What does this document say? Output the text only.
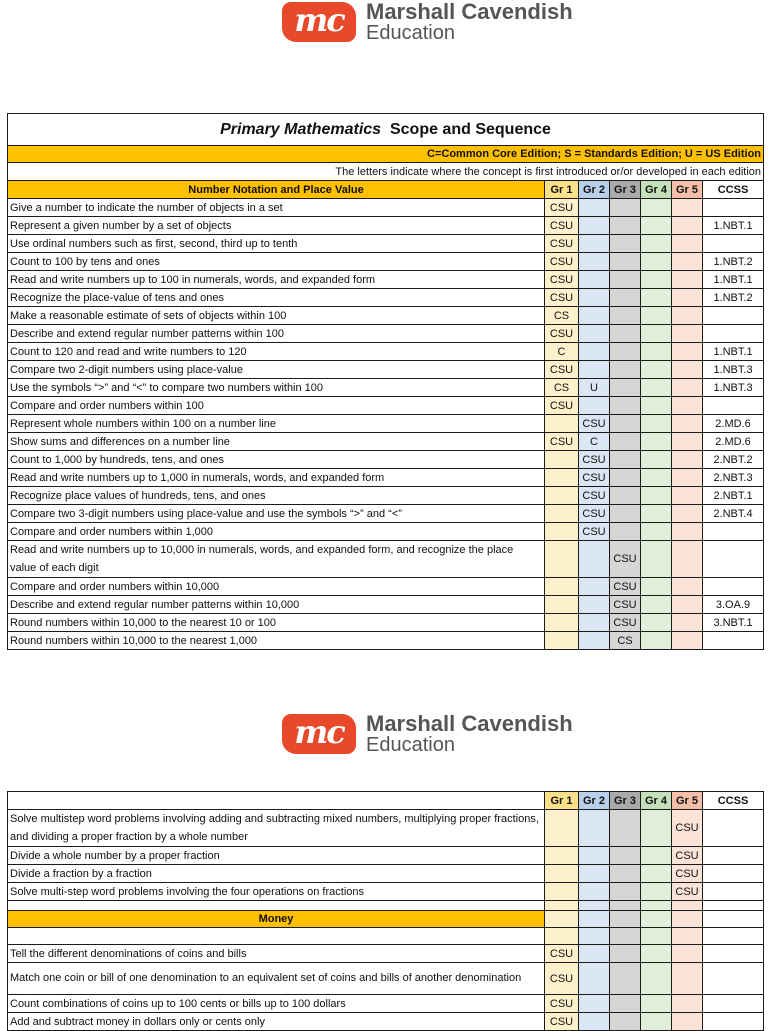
mc	Marshall Cavendish
Education
Primary Mathematics Scope and Sequence						
C=Common Core Edition; S = Standards Edition; U = US Edition						
The letters indicate where the concept is first introduced or/or developed in each edition						
Number Notation and Place Value	Gr 1	Gr 2	Gr 3	Gr 4	Gr 5	CCSS
Give a number to indicate the number of objects in a set	CSU					
Represent a given number by a set of objects	CSU					1.NBT.1
Use ordinal numbers such as first, second, third up to tenth	CSU					
Count to 100 by tens and ones	CSU					1.NBT.2
Read and write numbers up to 100 in numerals, words, and expanded form	CSU					1.NBT.1
Recognize the place-value of tens and ones	CSU					1.NBT.2
Make a reasonable estimate of sets of objects within 100	CS					
Describe and extend regular number patterns within 100	CSU					
Count to 120 and read and write numbers to 120	C					1.NBT.1
Compare two 2-digit numbers using place-value	CSU					1.NBT.3
Use the symbols “>” and “<” to compare two numbers within 100	CS	U				1.NBT.3
Compare and order numbers within 100	CSU					
Represent whole numbers within 100 on a number line		CSU				2.MD.6
Show sums and differences on a number line	CSU	C				2.MD.6
Count to 1,000 by hundreds, tens, and ones		CSU				2.NBT.2
Read and write numbers up to 1,000 in numerals, words, and expanded form		CSU				2.NBT.3
Recognize place values of hundreds, tens, and ones		CSU				2.NBT.1
Compare two 3-digit numbers using place-value and use the symbols “>” and “<”		CSU				2.NBT.4
Compare and order numbers within 1,000		CSU				
Read and write numbers up to 10,000 in numerals, words, and expanded form, and recognize the place value of each digit			CSU			
Compare and order numbers within 10,000			CSU			
Describe and extend regular number patterns within 10,000			CSU			3.OA.9
Round numbers within 10,000 to the nearest 10 or 100			CSU			3.NBT.1
Round numbers within 10,000 to the nearest 1,000			CS			
mc	Marshall Cavendish
Education
	Gr 1	Gr 2	Gr 3	Gr 4	Gr 5	CCSS
Solve multistep word problems involving adding and subtracting mixed numbers, multiplying proper fractions, and dividing a proper fraction by a whole number					CSU	
Divide a whole number by a proper fraction					CSU	
Divide a fraction by a fraction					CSU	
Solve multi-step word problems involving the four operations on fractions					CSU	

Money						

Tell the different denominations of coins and bills	CSU					
Match one coin or bill of one denomination to an equivalent set of coins and bills of another denomination	CSU					
Count combinations of coins up to 100 cents or bills up to 100 dollars	CSU					
Add and subtract money in dollars only or cents only	CSU					
